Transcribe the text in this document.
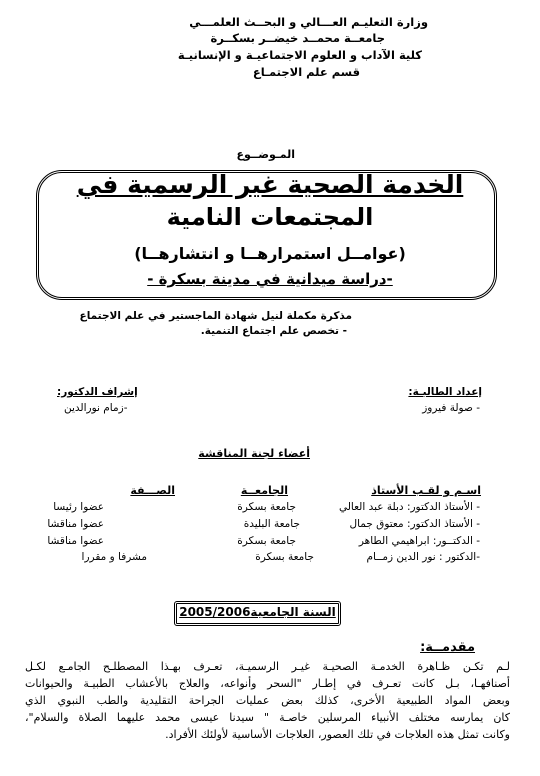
وزارة التعليـم العـــالي و البحــث العلمـــي
جامعــة محمــد خيضــر بسكــرة
كلية الآداب و العلوم الاجتماعيـة و الإنسانيـة
قسم علم الاجتمـاع
المـوضــوع
الخدمة الصحية غير الرسمية في
المجتمعات النامية
(عوامــل استمرارهــا و انتشارهــا)
-دراسة ميدانية في مدينة بسكرة -
مذكرة مكملة لنيل شهادة الماجستير في علم الاجتماع
- تخصص علم اجتماع التنمية.
إعداد الطالبـة:
- صولة فيروز
إشراف الدكتور:
-زمام نورالدين
أعضاء لجنة المناقشة
اسـم و لقـب الأستاذ
الجامعــة
الصـــفة
- الأستاذ الدكتور: دبلة عبد العالي
جامعة بسكرة
عضوا رئيسا
- الأستاذ الدكتور: معتوق جمال
جامعة البليدة
عضوا مناقشا
- الدكتــور: ابراهيمي الطاهر
جامعة بسكرة
عضوا مناقشا
-الدكتور : نور الدين زمــام
جامعة بسكرة
مشرفا و مقررا
السنة الجامعية2005/2006
مقدمــة:
لـم تكـن ظـاهرة الخدمـة الصحيـة غيـر الرسميـة، تعـرف بهـذا المصطلـح الجامـع لكـل
أصنافهـا، بـل كانت تعـرف في إطـار "السحر وأنواعه، والعلاج بالأعشاب الطبيـة والحيوانات
وبعض المواد الطبيعية الأخرى، كذلك بعض عمليات الجراحة التقليدية والطب النبوي الذي
كان يمارسه مختلف الأنبياء المرسلين خاصـة " سيدنا عيسى محمد عليهما الصلاة والسلام"،
وكانت تمثل هذه العلاجات في تلك العصور، العلاجات الأساسية لأولئك الأفراد.
